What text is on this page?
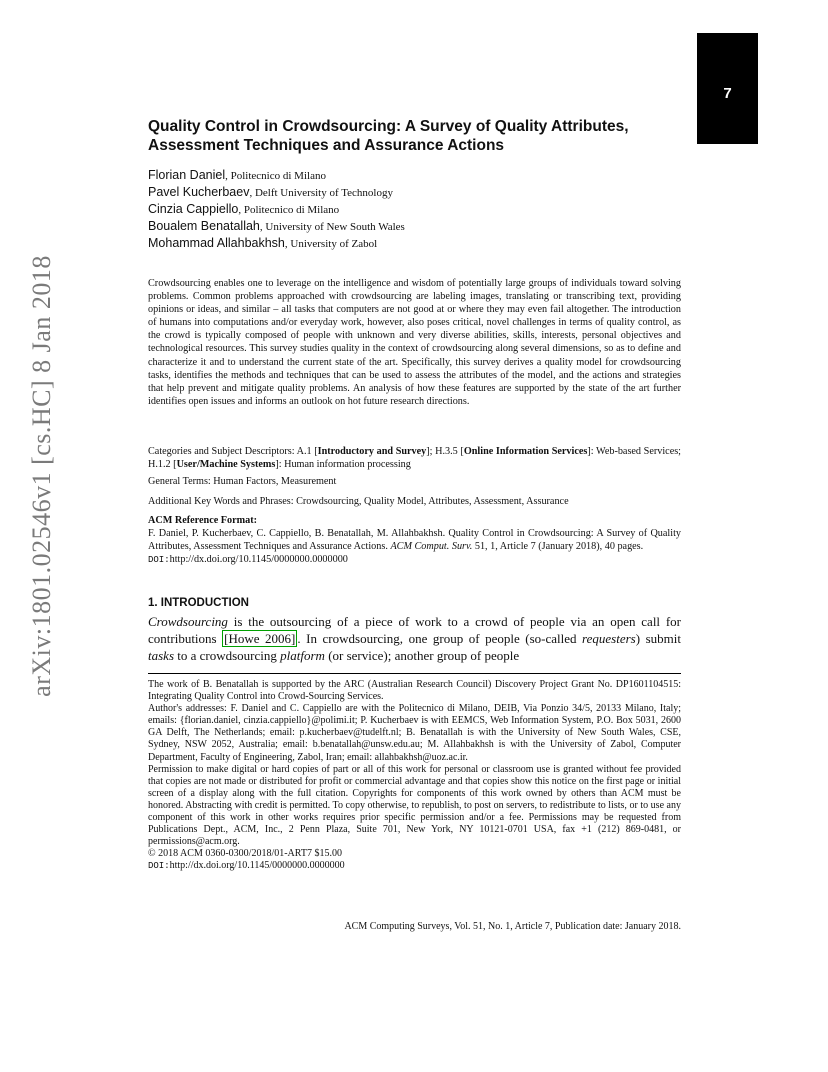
7
arXiv:1801.02546v1 [cs.HC] 8 Jan 2018
Quality Control in Crowdsourcing: A Survey of Quality Attributes,
Assessment Techniques and Assurance Actions
Florian Daniel, Politecnico di Milano
Pavel Kucherbaev, Delft University of Technology
Cinzia Cappiello, Politecnico di Milano
Boualem Benatallah, University of New South Wales
Mohammad Allahbakhsh, University of Zabol
Crowdsourcing enables one to leverage on the intelligence and wisdom of potentially large groups of individuals toward solving problems. Common problems approached with crowdsourcing are labeling images, translating or transcribing text, providing opinions or ideas, and similar – all tasks that computers are not good at or where they may even fail altogether. The introduction of humans into computations and/or everyday work, however, also poses critical, novel challenges in terms of quality control, as the crowd is typically composed of people with unknown and very diverse abilities, skills, interests, personal objectives and technological resources. This survey studies quality in the context of crowdsourcing along several dimensions, so as to define and characterize it and to understand the current state of the art. Specifically, this survey derives a quality model for crowdsourcing tasks, identifies the methods and techniques that can be used to assess the attributes of the model, and the actions and strategies that help prevent and mitigate quality problems. An analysis of how these features are supported by the state of the art further identifies open issues and informs an outlook on hot future research directions.
Categories and Subject Descriptors: A.1 [Introductory and Survey]; H.3.5 [Online Information Services]: Web-based Services; H.1.2 [User/Machine Systems]: Human information processing
General Terms: Human Factors, Measurement
Additional Key Words and Phrases: Crowdsourcing, Quality Model, Attributes, Assessment, Assurance
ACM Reference Format:
F. Daniel, P. Kucherbaev, C. Cappiello, B. Benatallah, M. Allahbakhsh. Quality Control in Crowdsourcing: A Survey of Quality Attributes, Assessment Techniques and Assurance Actions. ACM Comput. Surv. 51, 1, Article 7 (January 2018), 40 pages.
DOI:http://dx.doi.org/10.1145/0000000.0000000
1. INTRODUCTION
Crowdsourcing is the outsourcing of a piece of work to a crowd of people via an open call for contributions [Howe 2006] . In crowdsourcing, one group of people (so-called requesters) submit tasks to a crowdsourcing platform (or service); another group of people
The work of B. Benatallah is supported by the ARC (Australian Research Council) Discovery Project Grant No. DP1601104515: Integrating Quality Control into Crowd-Sourcing Services.
Author's addresses: F. Daniel and C. Cappiello are with the Politecnico di Milano, DEIB, Via Ponzio 34/5, 20133 Milano, Italy; emails: {florian.daniel, cinzia.cappiello}@polimi.it; P. Kucherbaev is with EEMCS, Web Information System, P.O. Box 5031, 2600 GA Delft, The Netherlands; email: p.kucherbaev@tudelft.nl; B. Benatallah is with the University of New South Wales, CSE, Sydney, NSW 2052, Australia; email: b.benatallah@unsw.edu.au; M. Allahbakhsh is with the University of Zabol, Computer Department, Faculty of Engineering, Zabol, Iran; email: allahbakhsh@uoz.ac.ir.
Permission to make digital or hard copies of part or all of this work for personal or classroom use is granted without fee provided that copies are not made or distributed for profit or commercial advantage and that copies show this notice on the first page or initial screen of a display along with the full citation. Copyrights for components of this work owned by others than ACM must be honored. Abstracting with credit is permitted. To copy otherwise, to republish, to post on servers, to redistribute to lists, or to use any component of this work in other works requires prior specific permission and/or a fee. Permissions may be requested from Publications Dept., ACM, Inc., 2 Penn Plaza, Suite 701, New York, NY 10121-0701 USA, fax +1 (212) 869-0481, or permissions@acm.org.
© 2018 ACM 0360-0300/2018/01-ART7 $15.00
DOI:http://dx.doi.org/10.1145/0000000.0000000
ACM Computing Surveys, Vol. 51, No. 1, Article 7, Publication date: January 2018.
